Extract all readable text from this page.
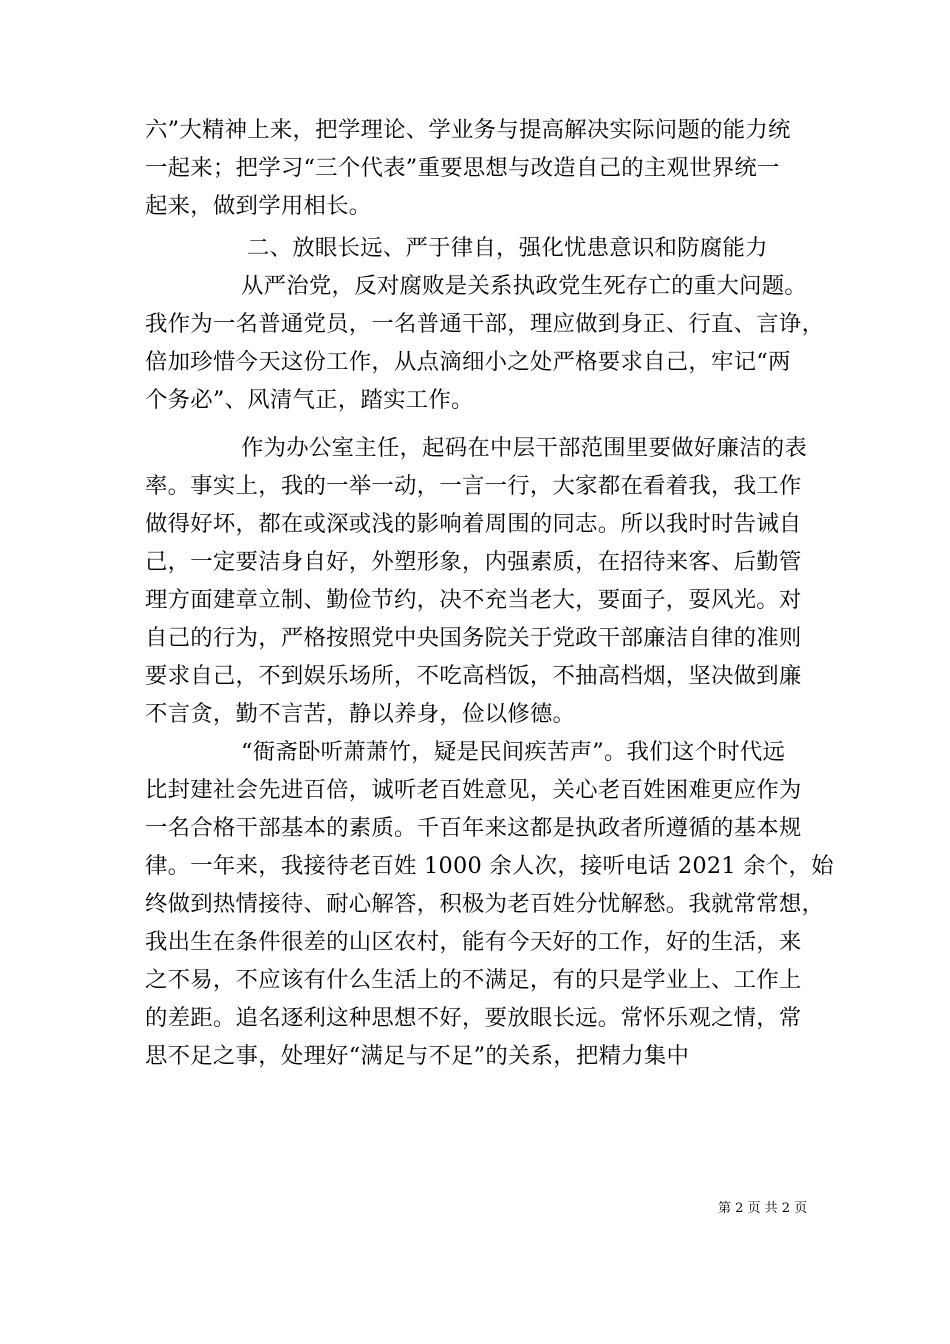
六”大精神上来，把学理论、学业务与提高解决实际问题的能力统
一起来；把学习“三个代表”重要思想与改造自己的主观世界统一
起来，做到学用相长。
二、放眼长远、严于律自，强化忧患意识和防腐能力
从严治党，反对腐败是关系执政党生死存亡的重大问题。
我作为一名普通党员，一名普通干部，理应做到身正、行直、言诤，
倍加珍惜今天这份工作，从点滴细小之处严格要求自己，牢记“两
个务必”、风清气正，踏实工作。
作为办公室主任，起码在中层干部范围里要做好廉洁的表
率。事实上，我的一举一动，一言一行，大家都在看着我，我工作
做得好坏，都在或深或浅的影响着周围的同志。所以我时时告诫自
己，一定要洁身自好，外塑形象，内强素质，在招待来客、后勤管
理方面建章立制、勤俭节约，决不充当老大，要面子，耍风光。对
自己的行为，严格按照党中央国务院关于党政干部廉洁自律的准则
要求自己，不到娱乐场所，不吃高档饭，不抽高档烟，坚决做到廉
不言贪，勤不言苦，静以养身，俭以修德。
“衙斋卧听萧萧竹，疑是民间疾苦声”。我们这个时代远
比封建社会先进百倍，诚听老百姓意见，关心老百姓困难更应作为
一名合格干部基本的素质。千百年来这都是执政者所遵循的基本规
律。一年来，我接待老百姓 1000 余人次，接听电话 2021 余个，始
终做到热情接待、耐心解答，积极为老百姓分忧解愁。我就常常想，
我出生在条件很差的山区农村，能有今天好的工作，好的生活，来
之不易，不应该有什么生活上的不满足，有的只是学业上、工作上
的差距。追名逐利这种思想不好，要放眼长远。常怀乐观之情，常
思不足之事，处理好“满足与不足”的关系，把精力集中
第 2 页 共 2 页
